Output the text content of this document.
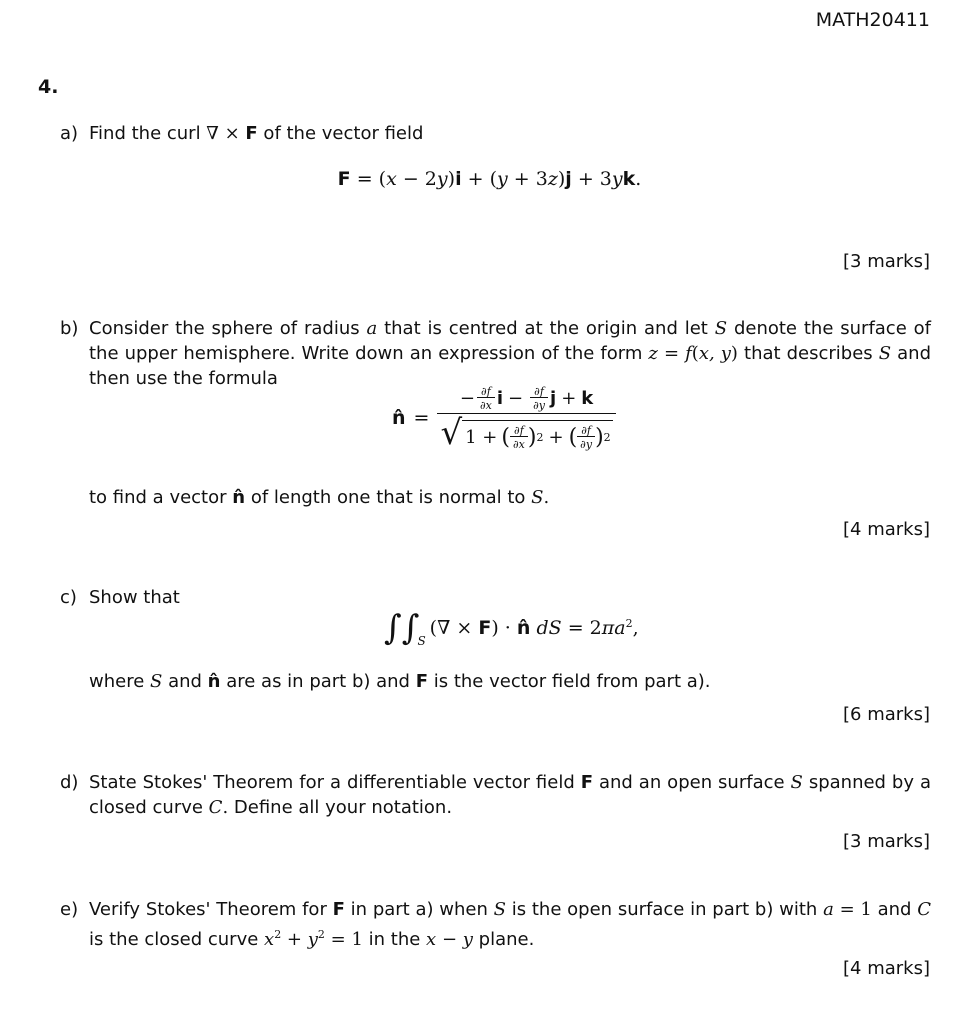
MATH20411
4.
a) Find the curl ∇ × F of the vector field
F = (x − 2y)i + (y + 3z)j + 3yk.
[3 marks]
b) Consider the sphere of radius a that is centred at the origin and let S denote the surface of the upper hemisphere. Write down an expression of the form z = f(x, y) that describes S and then use the formula
n̂ =
− $\frac{\partial f}{\partial x}$ $i - \frac{\partial f}{\partial y}$ j + k
√ 1 + ( ∂f
∂x ) 2 + ( ∂f
∂y ) 2
to find a vector n̂ of length one that is normal to S.
[4 marks]
c) Show that
∫ ∫
S
(∇ ×
F ) ·
n̂
dS
= 2 $\pi a^2$ ,
where S and n̂ are as in part b) and F is the vector field from part a).
[6 marks]
d) State Stokes' Theorem for a differentiable vector field F and an open surface S spanned by a closed curve C. Define all your notation.
[3 marks]
e) Verify Stokes' Theorem for F in part a) when S is the open surface in part b) with a = 1 and C is the closed curve $x^2 + y^2 = 1$ in the x − y plane.
[4 marks]
